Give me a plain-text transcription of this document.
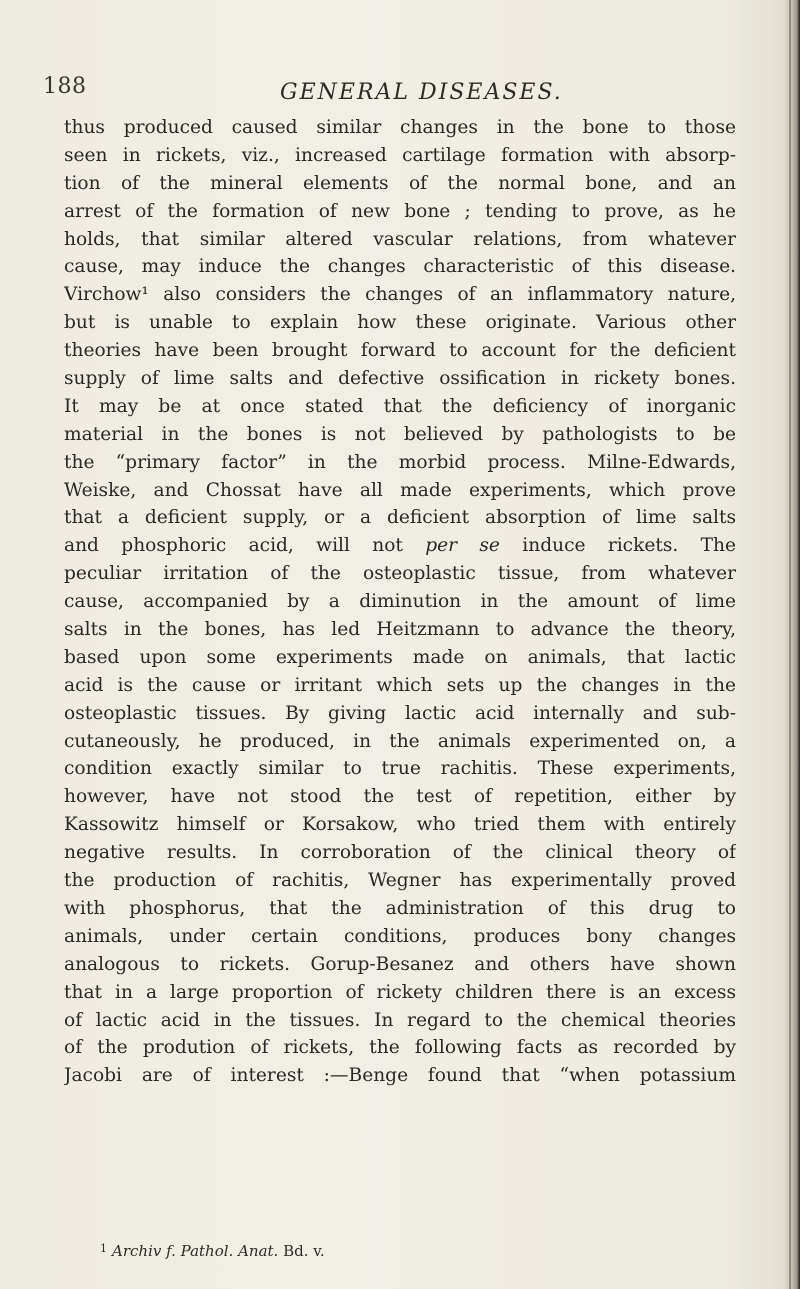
188	GENERAL DISEASES.
thus produced caused similar changes in the bone to those
seen in rickets, viz., increased cartilage formation with absorp-
tion of the mineral elements of the normal bone, and an
arrest of the formation of new bone ; tending to prove, as he
holds, that similar altered vascular relations, from whatever
cause, may induce the changes characteristic of this disease.
Virchow¹ also considers the changes of an inflammatory nature,
but is unable to explain how these originate. Various other
theories have been brought forward to account for the deficient
supply of lime salts and defective ossification in rickety bones.
It may be at once stated that the deficiency of inorganic
material in the bones is not believed by pathologists to be
the “primary factor” in the morbid process. Milne-Edwards,
Weiske, and Chossat have all made experiments, which prove
that a deficient supply, or a deficient absorption of lime salts
and phosphoric acid, will not per se induce rickets. The
peculiar irritation of the osteoplastic tissue, from whatever
cause, accompanied by a diminution in the amount of lime
salts in the bones, has led Heitzmann to advance the theory,
based upon some experiments made on animals, that lactic
acid is the cause or irritant which sets up the changes in the
osteoplastic tissues. By giving lactic acid internally and sub-
cutaneously, he produced, in the animals experimented on, a
condition exactly similar to true rachitis. These experiments,
however, have not stood the test of repetition, either by
Kassowitz himself or Korsakow, who tried them with entirely
negative results. In corroboration of the clinical theory of
the production of rachitis, Wegner has experimentally proved
with phosphorus, that the administration of this drug to
animals, under certain conditions, produces bony changes
analogous to rickets. Gorup-Besanez and others have shown
that in a large proportion of rickety children there is an excess
of lactic acid in the tissues. In regard to the chemical theories
of the prodution of rickets, the following facts as recorded by
Jacobi are of interest :—Benge found that “when potassium
$^1$ Archiv f. Pathol. Anat. Bd. v.
